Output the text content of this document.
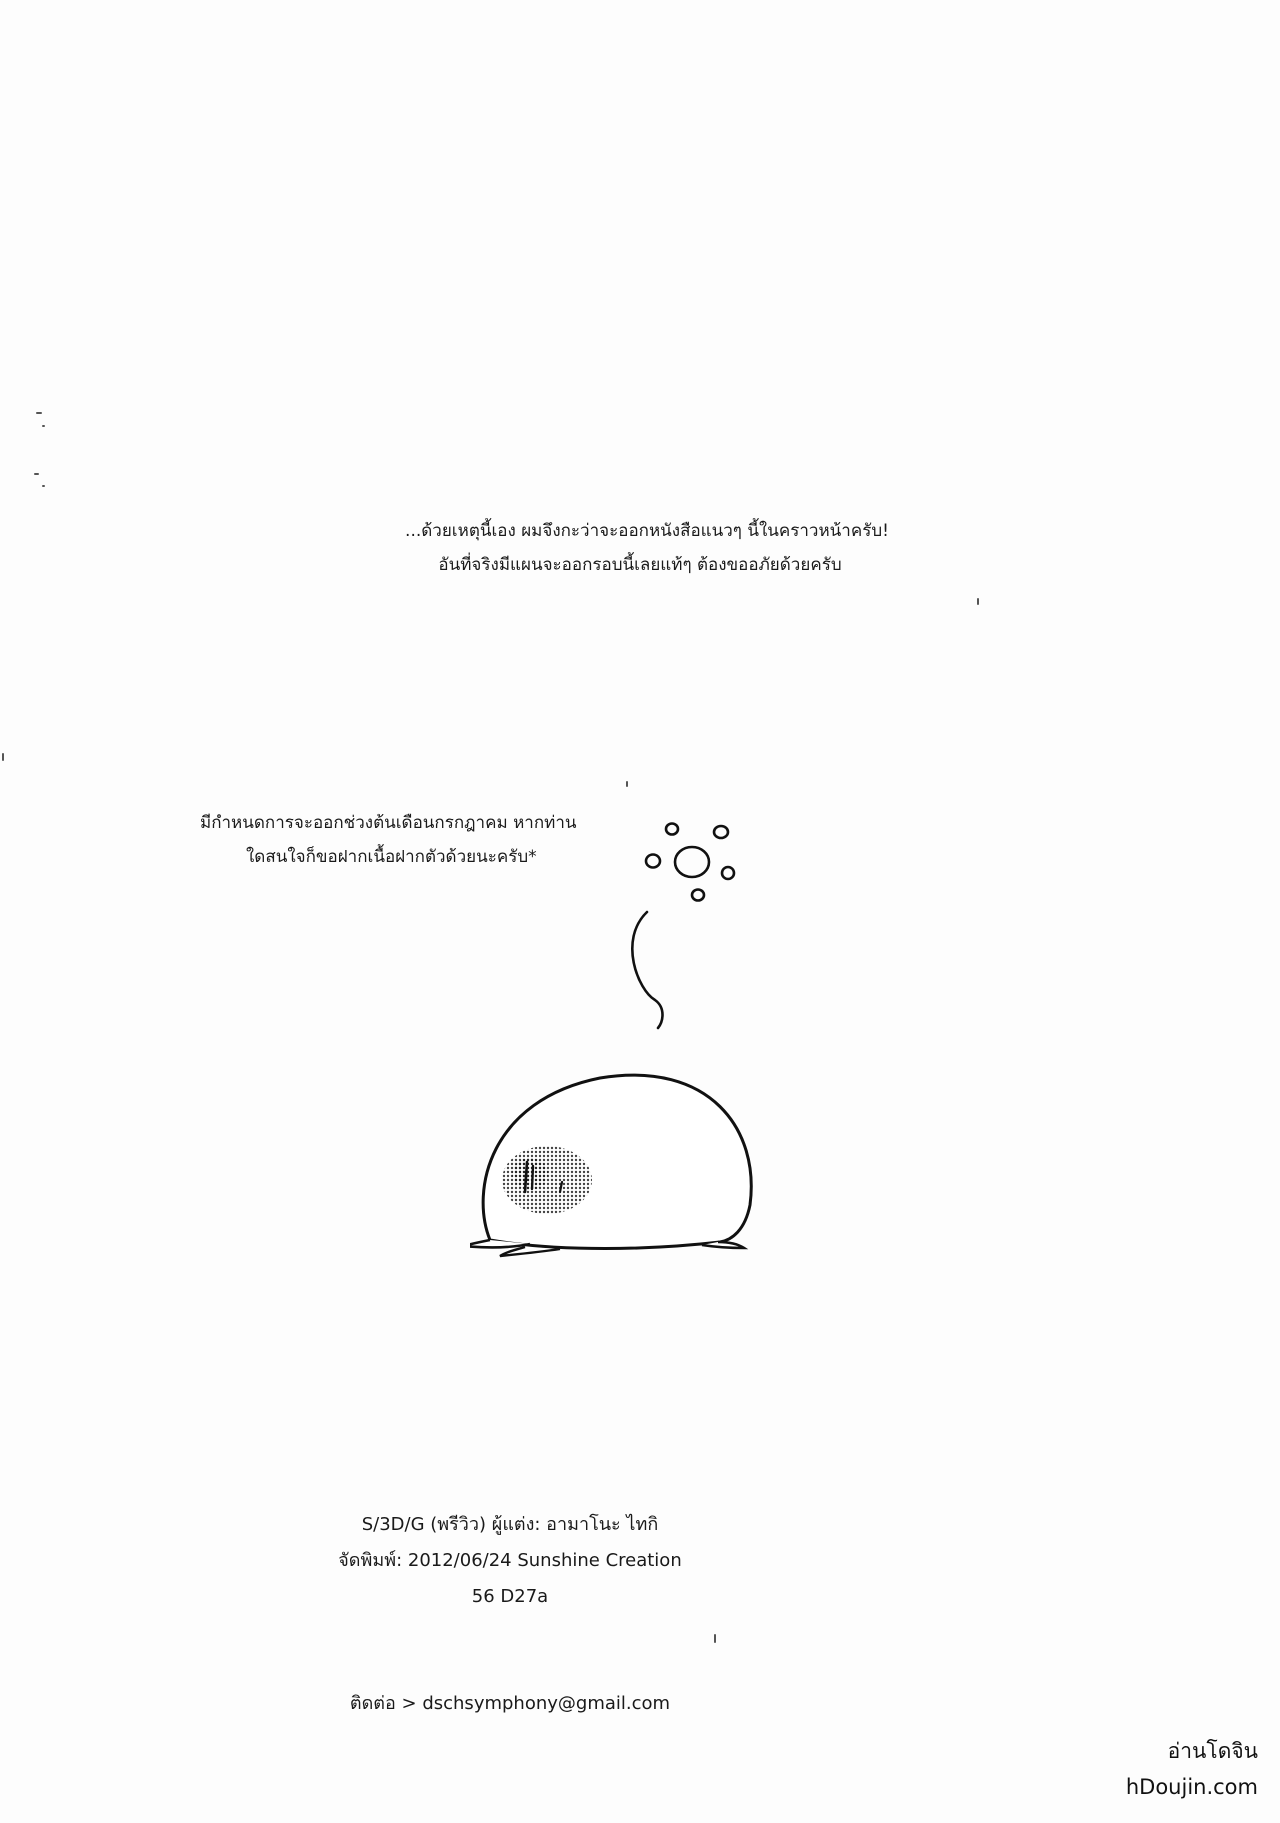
...ด้วยเหตุนี้เอง ผมจึงกะว่าจะออกหนังสือแนวๆ นี้ในคราวหน้าครับ!
อันที่จริงมีแผนจะออกรอบนี้เลยแท้ๆ ต้องขออภัยด้วยครับ

มีกำหนดการจะออกช่วงต้นเดือนกรกฎาคม หากท่าน
ใดสนใจก็ขอฝากเนื้อฝากตัวด้วยนะครับ*

S/3D/G (พรีวิว) ผู้แต่ง: อามาโนะ ไทกิ
จัดพิมพ์: 2012/06/24 Sunshine Creation
56 D27a

ติดต่อ > dschsymphony@gmail.com

อ่านโดจิน
hDoujin.com
